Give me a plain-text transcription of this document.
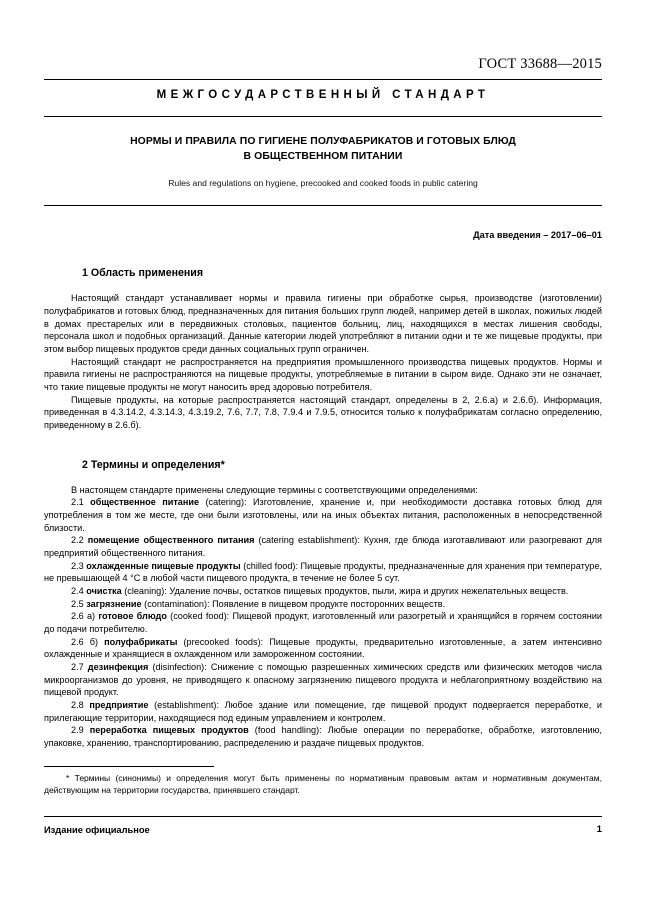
ГОСТ 33688—2015
МЕЖГОСУДАРСТВЕННЫЙ СТАНДАРТ
НОРМЫ И ПРАВИЛА ПО ГИГИЕНЕ ПОЛУФАБРИКАТОВ И ГОТОВЫХ БЛЮД
В ОБЩЕСТВЕННОМ ПИТАНИИ
Rules and regulations on hygiene, precooked and cooked foods in public catering
Дата введения – 2017–06–01
1 Область применения

Настоящий стандарт устанавливает нормы и правила гигиены при обработке сырья, производстве (изготовлении) полуфабрикатов и готовых блюд, предназначенных для питания больших групп людей, например детей в школах, пожилых людей в домах престарелых или в передвижных столовых, пациентов больниц, лиц, находящихся в местах лишения свободы, персонала школ и подобных организаций. Данные категории людей употребляют в питании одни и те же пищевые продукты, при этом выбор пищевых продуктов среди данных социальных групп ограничен.

Настоящий стандарт не распространяется на предприятия промышленного производства пищевых продуктов. Нормы и правила гигиены не распространяются на пищевые продукты, употребляемые в питании в сыром виде. Однако эти не означает, что такие пищевые продукты не могут наносить вред здоровью потребителя.

Пищевые продукты, на которые распространяется настоящий стандарт, определены в 2, 2.6.а) и 2.6.б). Информация, приведенная в 4.3.14.2, 4.3.14.3, 4.3.19.2, 7.6, 7.7, 7.8, 7.9.4 и 7.9.5, относится только к полуфабрикатам согласно определению, приведенному в 2.6.б).

2 Термины и определения*

В настоящем стандарте применены следующие термины с соответствующими определениями:

2.1 общественное питание (catering): Изготовление, хранение и, при необходимости доставка готовых блюд для употребления в том же месте, где они были изготовлены, или на иных объектах питания, расположенных в непосредственной близости.

2.2 помещение общественного питания (catering establishment): Кухня, где блюда изготавливают или разогревают для предприятий общественного питания.

2.3 охлажденные пищевые продукты (chilled food): Пищевые продукты, предназначенные для хранения при температуре, не превышающей 4 °С в любой части пищевого продукта, в течение не более 5 сут.

2.4 очистка (cleaning): Удаление почвы, остатков пищевых продуктов, пыли, жира и других нежелательных веществ.

2.5 загрязнение (contamination): Появление в пищевом продукте посторонних веществ.

2.6 а) готовое блюдо (cooked food): Пищевой продукт, изготовленный или разогретый и хранящийся в горячем состоянии до подачи потребителю.

2.6 б) полуфабрикаты (precooked foods): Пищевые продукты, предварительно изготовленные, а затем интенсивно охлажденные и хранящиеся в охлажденном или замороженном состоянии.

2.7 дезинфекция (disinfection): Снижение с помощью разрешенных химических средств или физических методов числа микроорганизмов до уровня, не приводящего к опасному загрязнению пищевого продукта и неблагоприятному воздействию на пищевой продукт.

2.8 предприятие (establishment): Любое здание или помещение, где пищевой продукт подвергается переработке, и прилегающие территории, находящиеся под единым управлением и контролем.

2.9 переработка пищевых продуктов (food handling): Любые операции по переработке, обработке, изготовлению, упаковке, хранению, транспортированию, распределению и раздаче пищевых продуктов.

* Термины (синонимы) и определения могут быть применены по нормативным правовым актам и нормативным документам, действующим на территории государства, принявшего стандарт.

Издание официальное	1
